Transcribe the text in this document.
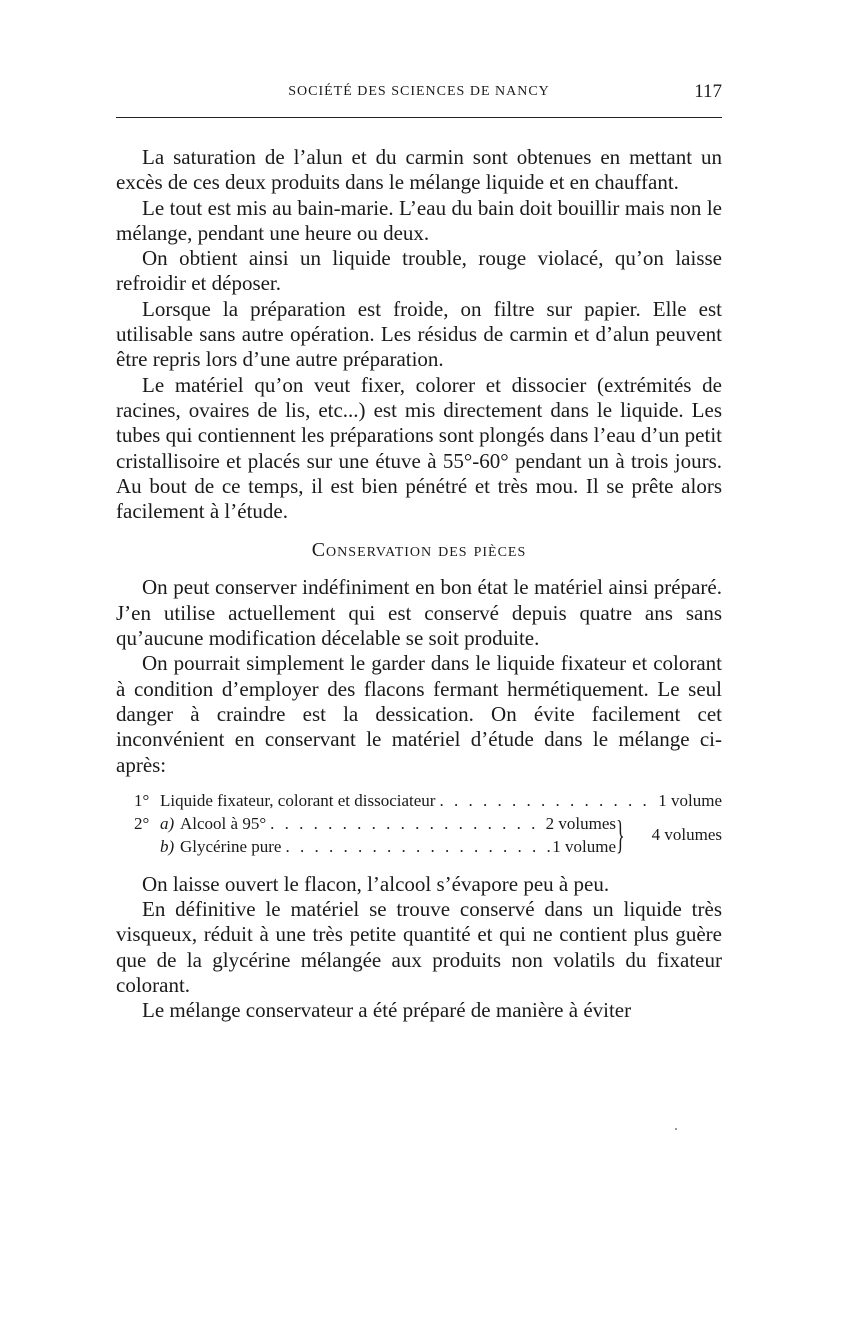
SOCIÉTÉ DES SCIENCES DE NANCY	117

La saturation de l’alun et du carmin sont obtenues en mettant un excès de ces deux produits dans le mélange liquide et en chauffant.

Le tout est mis au bain-marie. L’eau du bain doit bouillir mais non le mélange, pendant une heure ou deux.

On obtient ainsi un liquide trouble, rouge violacé, qu’on laisse refroidir et déposer.

Lorsque la préparation est froide, on filtre sur papier. Elle est utilisable sans autre opération. Les résidus de carmin et d’alun peuvent être repris lors d’une autre préparation.

Le matériel qu’on veut fixer, colorer et dissocier (extrémités de racines, ovaires de lis, etc...) est mis directement dans le liquide. Les tubes qui contiennent les préparations sont plongés dans l’eau d’un petit cristallisoire et placés sur une étuve à 55°-60° pendant un à trois jours. Au bout de ce temps, il est bien pénétré et très mou. Il se prête alors facilement à l’étude.

Conservation des pièces

On peut conserver indéfiniment en bon état le matériel ainsi préparé. J’en utilise actuellement qui est conservé depuis quatre ans sans qu’aucune modification décelable se soit produite.

On pourrait simplement le garder dans le liquide fixateur et colorant à condition d’employer des flacons fermant hermétiquement. Le seul danger à craindre est la dessication. On évite facilement cet inconvénient en conservant le matériel d’étude dans le mélange ci-après:

1° Liquide fixateur, colorant et dissociateur . . .	1 volume
2° a) Alcool à 95° . . .	2 volumes
b) Glycérine pure . . .	1 volume }	4 volumes

On laisse ouvert le flacon, l’alcool s’évapore peu à peu.

En définitive le matériel se trouve conservé dans un liquide très visqueux, réduit à une très petite quantité et qui ne contient plus guère que de la glycérine mélangée aux produits non volatils du fixateur colorant.

Le mélange conservateur a été préparé de manière à éviter
